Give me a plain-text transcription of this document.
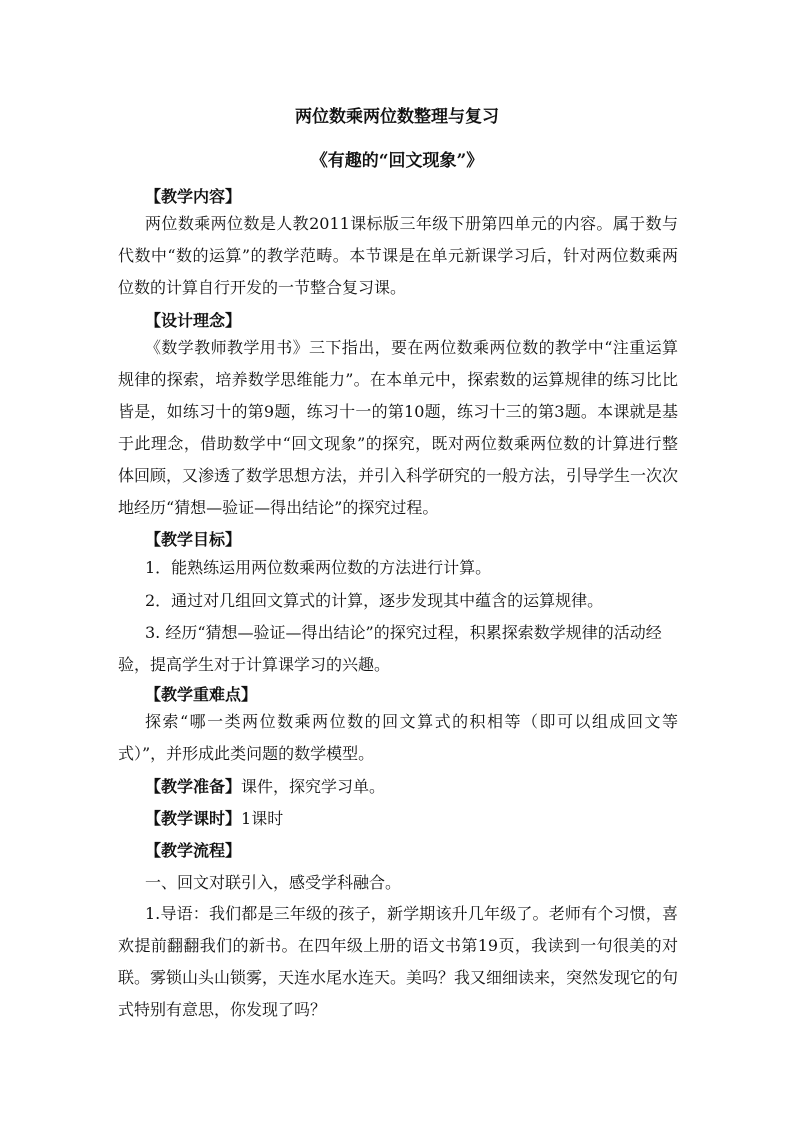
两位数乘两位数整理与复习
《有趣的“回文现象”》
【教学内容】
两位数乘两位数是人教2011课标版三年级下册第四单元的内容。属于数与代数中“数的运算”的教学范畴。本节课是在单元新课学习后，针对两位数乘两位数的计算自行开发的一节整合复习课。
【设计理念】
《数学教师教学用书》三下指出，要在两位数乘两位数的教学中“注重运算规律的探索，培养数学思维能力”。在本单元中，探索数的运算规律的练习比比皆是，如练习十的第9题，练习十一的第10题，练习十三的第3题。本课就是基于此理念，借助数学中“回文现象”的探究，既对两位数乘两位数的计算进行整体回顾，又渗透了数学思想方法，并引入科学研究的一般方法，引导学生一次次地经历“猜想—验证—得出结论”的探究过程。
【教学目标】
1．能熟练运用两位数乘两位数的方法进行计算。
2．通过对几组回文算式的计算，逐步发现其中蕴含的运算规律。
3. 经历“猜想—验证—得出结论”的探究过程，积累探索数学规律的活动经验，提高学生对于计算课学习的兴趣。
【教学重难点】
探索“哪一类两位数乘两位数的回文算式的积相等（即可以组成回文等式）”，并形成此类问题的数学模型。
【教学准备】课件，探究学习单。
【教学课时】1课时
【教学流程】
一、回文对联引入，感受学科融合。
1.导语：我们都是三年级的孩子，新学期该升几年级了。老师有个习惯，喜欢提前翻翻我们的新书。在四年级上册的语文书第19页，我读到一句很美的对联。雾锁山头山锁雾，天连水尾水连天。美吗？我又细细读来，突然发现它的句式特别有意思，你发现了吗？
